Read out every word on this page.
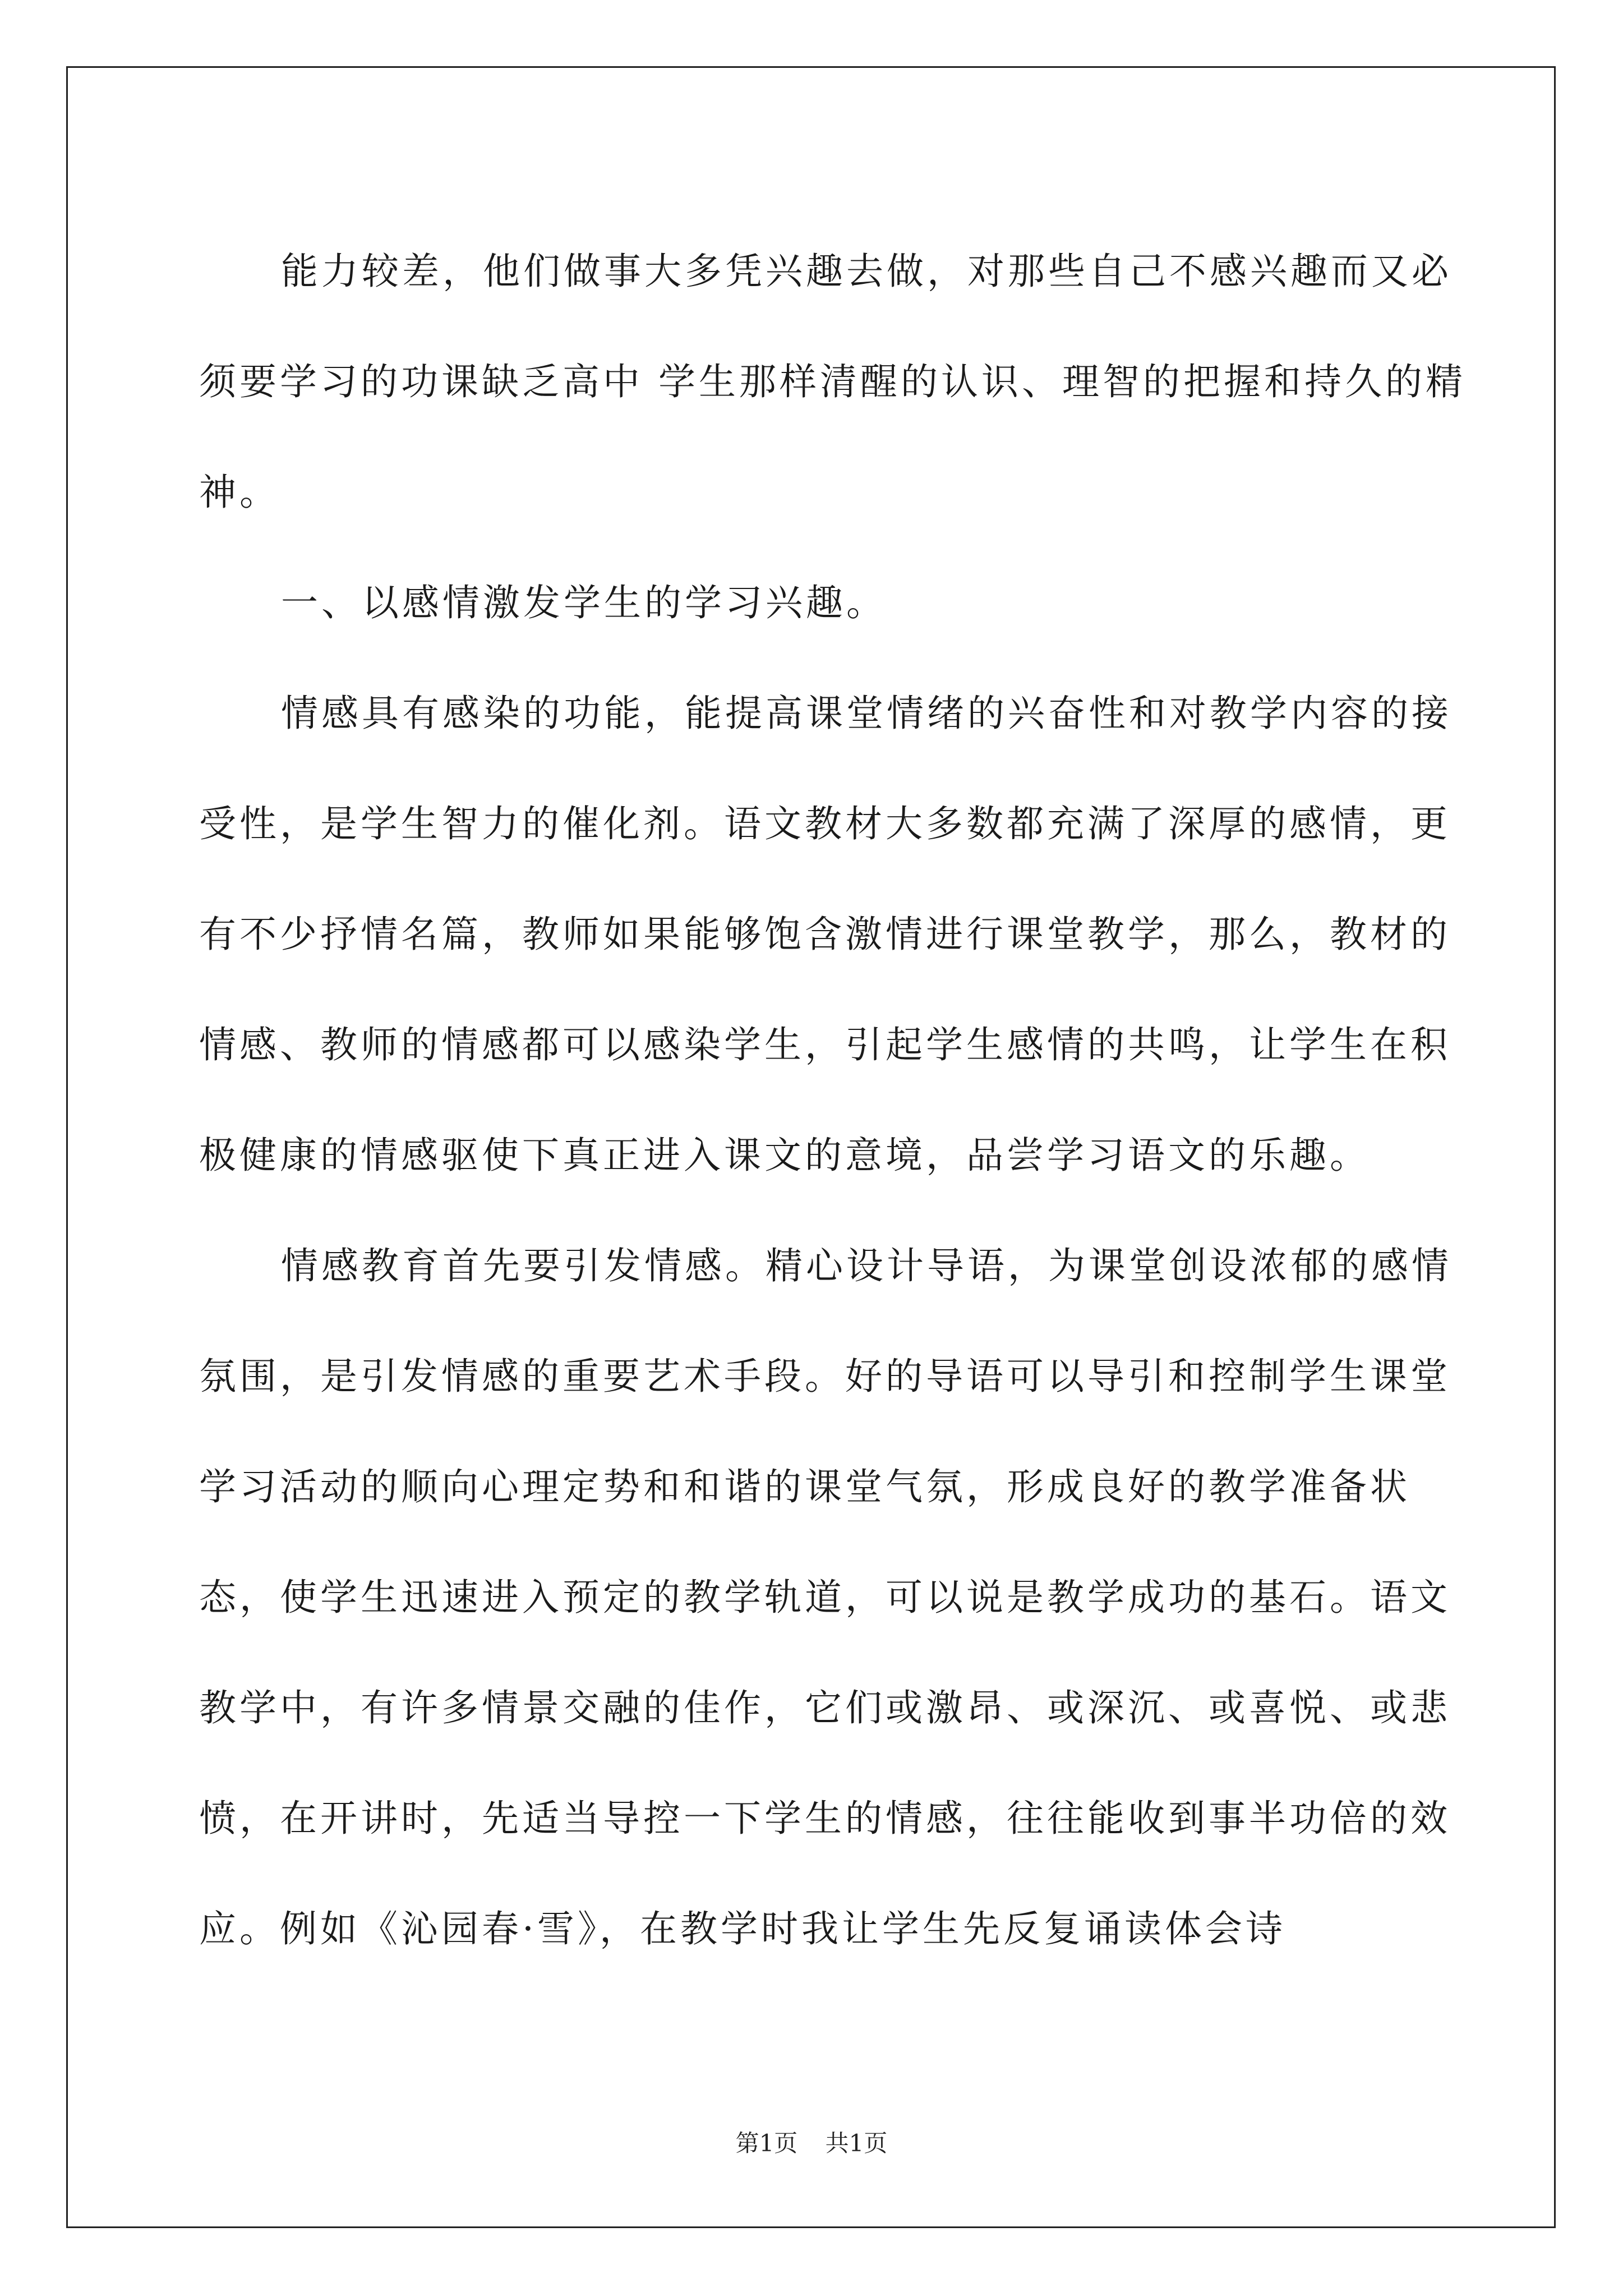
能力较差，他们做事大多凭兴趣去做，对那些自己不感兴趣而又必须要学习的功课缺乏高中 学生那样清醒的认识、理智的把握和持久的精神。

一、以感情激发学生的学习兴趣。

情感具有感染的功能，能提高课堂情绪的兴奋性和对教学内容的接受性，是学生智力的催化剂。语文教材大多数都充满了深厚的感情，更有不少抒情名篇，教师如果能够饱含激情进行课堂教学，那么，教材的情感、教师的情感都可以感染学生，引起学生感情的共鸣，让学生在积极健康的情感驱使下真正进入课文的意境，品尝学习语文的乐趣。

情感教育首先要引发情感。精心设计导语，为课堂创设浓郁的感情氛围，是引发情感的重要艺术手段。好的导语可以导引和控制学生课堂学习活动的顺向心理定势和和谐的课堂气氛，形成良好的教学准备状态，使学生迅速进入预定的教学轨道，可以说是教学成功的基石。语文教学中，有许多情景交融的佳作，它们或激昂、或深沉、或喜悦、或悲愤，在开讲时，先适当导控一下学生的情感，往往能收到事半功倍的效应。例如《沁园春·雪》，在教学时我让学生先反复诵读体会诗

第1页 共1页
